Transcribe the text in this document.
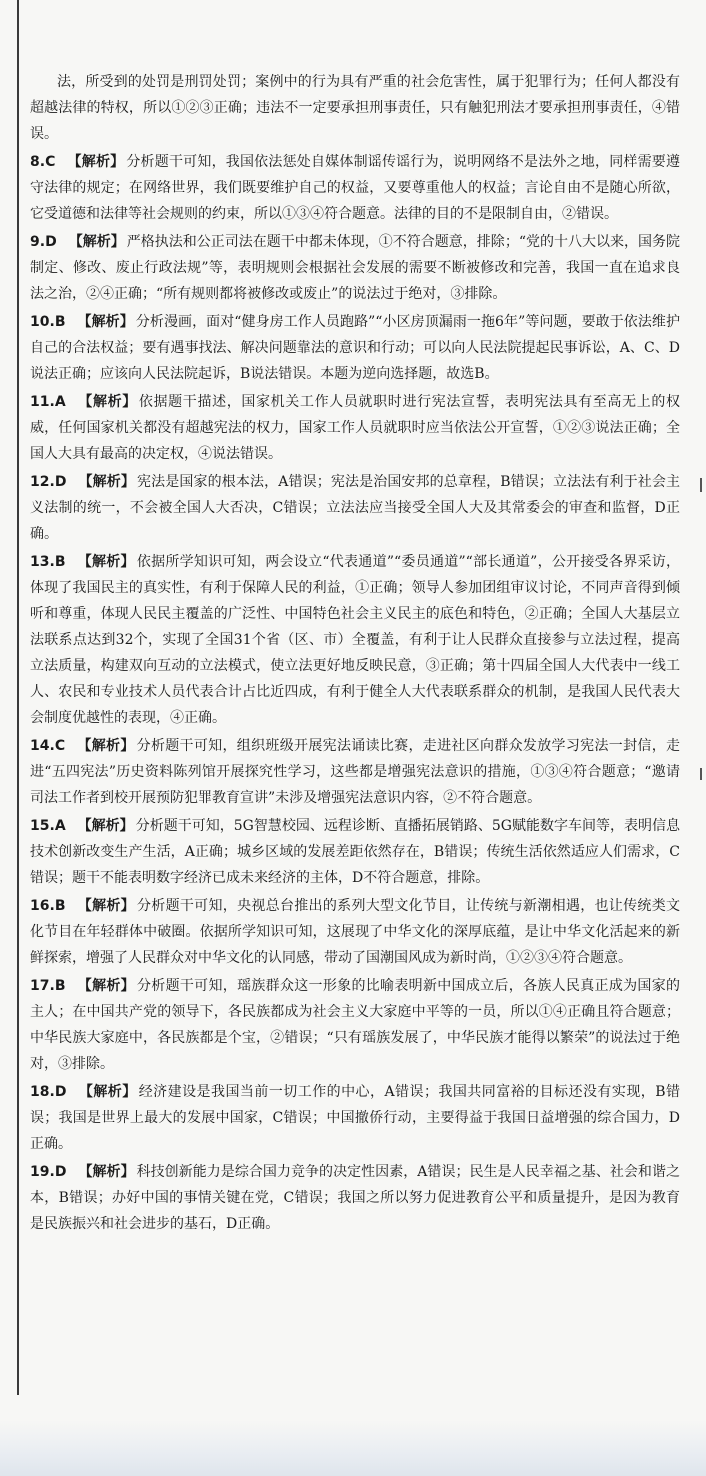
法，所受到的处罚是刑罚处罚；案例中的行为具有严重的社会危害性，属于犯罪行为；任何人都没有超越法律的特权，所以①②③正确；违法不一定要承担刑事责任，只有触犯刑法才要承担刑事责任，④错误。

8.C 【解析】 分析题干可知，我国依法惩处自媒体制谣传谣行为，说明网络不是法外之地，同样需要遵守法律的规定；在网络世界，我们既要维护自己的权益，又要尊重他人的权益；言论自由不是随心所欲，它受道德和法律等社会规则的约束，所以①③④符合题意。法律的目的不是限制自由，②错误。

9.D 【解析】 严格执法和公正司法在题干中都未体现，①不符合题意，排除；“党的十八大以来，国务院制定、修改、废止行政法规”等，表明规则会根据社会发展的需要不断被修改和完善，我国一直在追求良法之治，②④正确；“所有规则都将被修改或废止”的说法过于绝对，③排除。

10.B 【解析】 分析漫画，面对“健身房工作人员跑路”“小区房顶漏雨一拖6年”等问题，要敢于依法维护自己的合法权益；要有遇事找法、解决问题靠法的意识和行动；可以向人民法院提起民事诉讼，A、C、D说法正确；应该向人民法院起诉，B说法错误。本题为逆向选择题，故选B。

11.A 【解析】 依据题干描述，国家机关工作人员就职时进行宪法宣誓，表明宪法具有至高无上的权威，任何国家机关都没有超越宪法的权力，国家工作人员就职时应当依法公开宣誓，①②③说法正确；全国人大具有最高的决定权，④说法错误。

12.D 【解析】 宪法是国家的根本法，A错误；宪法是治国安邦的总章程，B错误；立法法有利于社会主义法制的统一，不会被全国人大否决，C错误；立法法应当接受全国人大及其常委会的审查和监督，D正确。

13.B 【解析】 依据所学知识可知，两会设立“代表通道”“委员通道”“部长通道”，公开接受各界采访，体现了我国民主的真实性，有利于保障人民的利益，①正确；领导人参加团组审议讨论，不同声音得到倾听和尊重，体现人民民主覆盖的广泛性、中国特色社会主义民主的底色和特色，②正确；全国人大基层立法联系点达到32个，实现了全国31个省（区、市）全覆盖，有利于让人民群众直接参与立法过程，提高立法质量，构建双向互动的立法模式，使立法更好地反映民意，③正确；第十四届全国人大代表中一线工人、农民和专业技术人员代表合计占比近四成，有利于健全人大代表联系群众的机制，是我国人民代表大会制度优越性的表现，④正确。

14.C 【解析】 分析题干可知，组织班级开展宪法诵读比赛，走进社区向群众发放学习宪法一封信，走进“五四宪法”历史资料陈列馆开展探究性学习，这些都是增强宪法意识的措施，①③④符合题意；“邀请司法工作者到校开展预防犯罪教育宣讲”未涉及增强宪法意识内容，②不符合题意。

15.A 【解析】 分析题干可知，5G智慧校园、远程诊断、直播拓展销路、5G赋能数字车间等，表明信息技术创新改变生产生活，A正确；城乡区域的发展差距依然存在，B错误；传统生活依然适应人们需求，C错误；题干不能表明数字经济已成未来经济的主体，D不符合题意，排除。

16.B 【解析】 分析题干可知，央视总台推出的系列大型文化节目，让传统与新潮相遇，也让传统类文化节目在年轻群体中破圈。依据所学知识可知，这展现了中华文化的深厚底蕴，是让中华文化活起来的新鲜探索，增强了人民群众对中华文化的认同感，带动了国潮国风成为新时尚，①②③④符合题意。

17.B 【解析】 分析题干可知，瑶族群众这一形象的比喻表明新中国成立后，各族人民真正成为国家的主人；在中国共产党的领导下，各民族都成为社会主义大家庭中平等的一员，所以①④正确且符合题意；中华民族大家庭中，各民族都是个宝，②错误；“只有瑶族发展了，中华民族才能得以繁荣”的说法过于绝对，③排除。

18.D 【解析】 经济建设是我国当前一切工作的中心，A错误；我国共同富裕的目标还没有实现，B错误；我国是世界上最大的发展中国家，C错误；中国撤侨行动，主要得益于我国日益增强的综合国力，D正确。

19.D 【解析】 科技创新能力是综合国力竞争的决定性因素，A错误；民生是人民幸福之基、社会和谐之本，B错误；办好中国的事情关键在党，C错误；我国之所以努力促进教育公平和质量提升，是因为教育是民族振兴和社会进步的基石，D正确。
